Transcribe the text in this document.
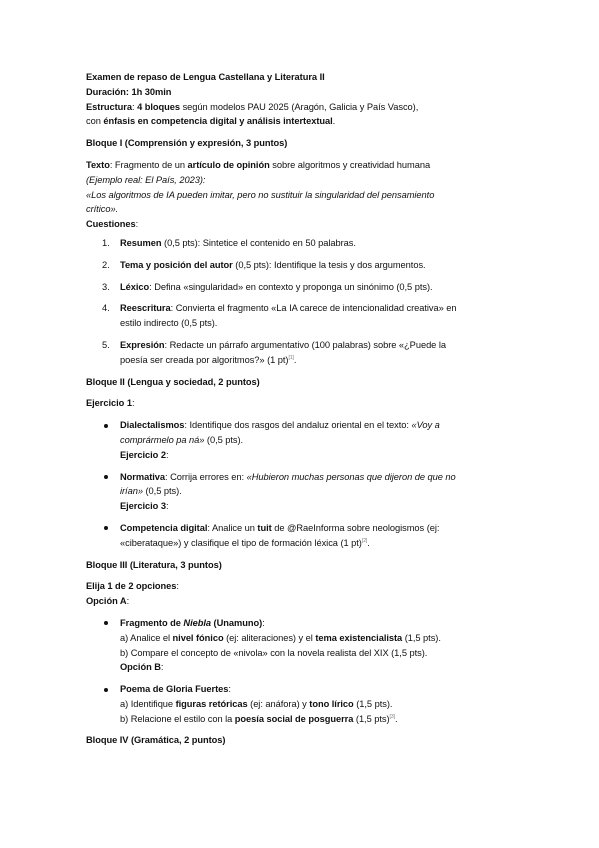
Examen de repaso de Lengua Castellana y Literatura II

Duración: 1h 30min

Estructura: 4 bloques según modelos PAU 2025 (Aragón, Galicia y País Vasco),

con énfasis en competencia digital y análisis intertextual.

Bloque I (Comprensión y expresión, 3 puntos)

Texto: Fragmento de un artículo de opinión sobre algoritmos y creatividad humana

(Ejemplo real: El País, 2023):

«Los algoritmos de IA pueden imitar, pero no sustituir la singularidad del pensamiento

crítico».

Cuestiones:

1. Resumen (0,5 pts): Sintetice el contenido en 50 palabras.

2. Tema y posición del autor (0,5 pts): Identifique la tesis y dos argumentos.

3. Léxico: Defina «singularidad» en contexto y proponga un sinónimo (0,5 pts).

4. Reescritura: Convierta el fragmento «La IA carece de intencionalidad creativa» en

estilo indirecto (0,5 pts).

5. Expresión: Redacte un párrafo argumentativo (100 palabras) sobre «¿Puede la

poesía ser creada por algoritmos?» (1 pt)[1].

Bloque II (Lengua y sociedad, 2 puntos)

Ejercicio 1:

Dialectalismos: Identifique dos rasgos del andaluz oriental en el texto: «Voy a

comprármelo pa ná» (0,5 pts).

Ejercicio 2:

Normativa: Corrija errores en: «Hubieron muchas personas que dijeron de que no

irían» (0,5 pts).

Ejercicio 3:

Competencia digital: Analice un tuit de @RaeInforma sobre neologismos (ej:

«ciberataque») y clasifique el tipo de formación léxica (1 pt)[2].

Bloque III (Literatura, 3 puntos)

Elija 1 de 2 opciones:

Opción A:

Fragmento de Niebla (Unamuno):

a) Analice el nivel fónico (ej: aliteraciones) y el tema existencialista (1,5 pts).

b) Compare el concepto de «nivola» con la novela realista del XIX (1,5 pts).

Opción B:

Poema de Gloria Fuertes:

a) Identifique figuras retóricas (ej: anáfora) y tono lírico (1,5 pts).

b) Relacione el estilo con la poesía social de posguerra (1,5 pts)[3].

Bloque IV (Gramática, 2 puntos)
